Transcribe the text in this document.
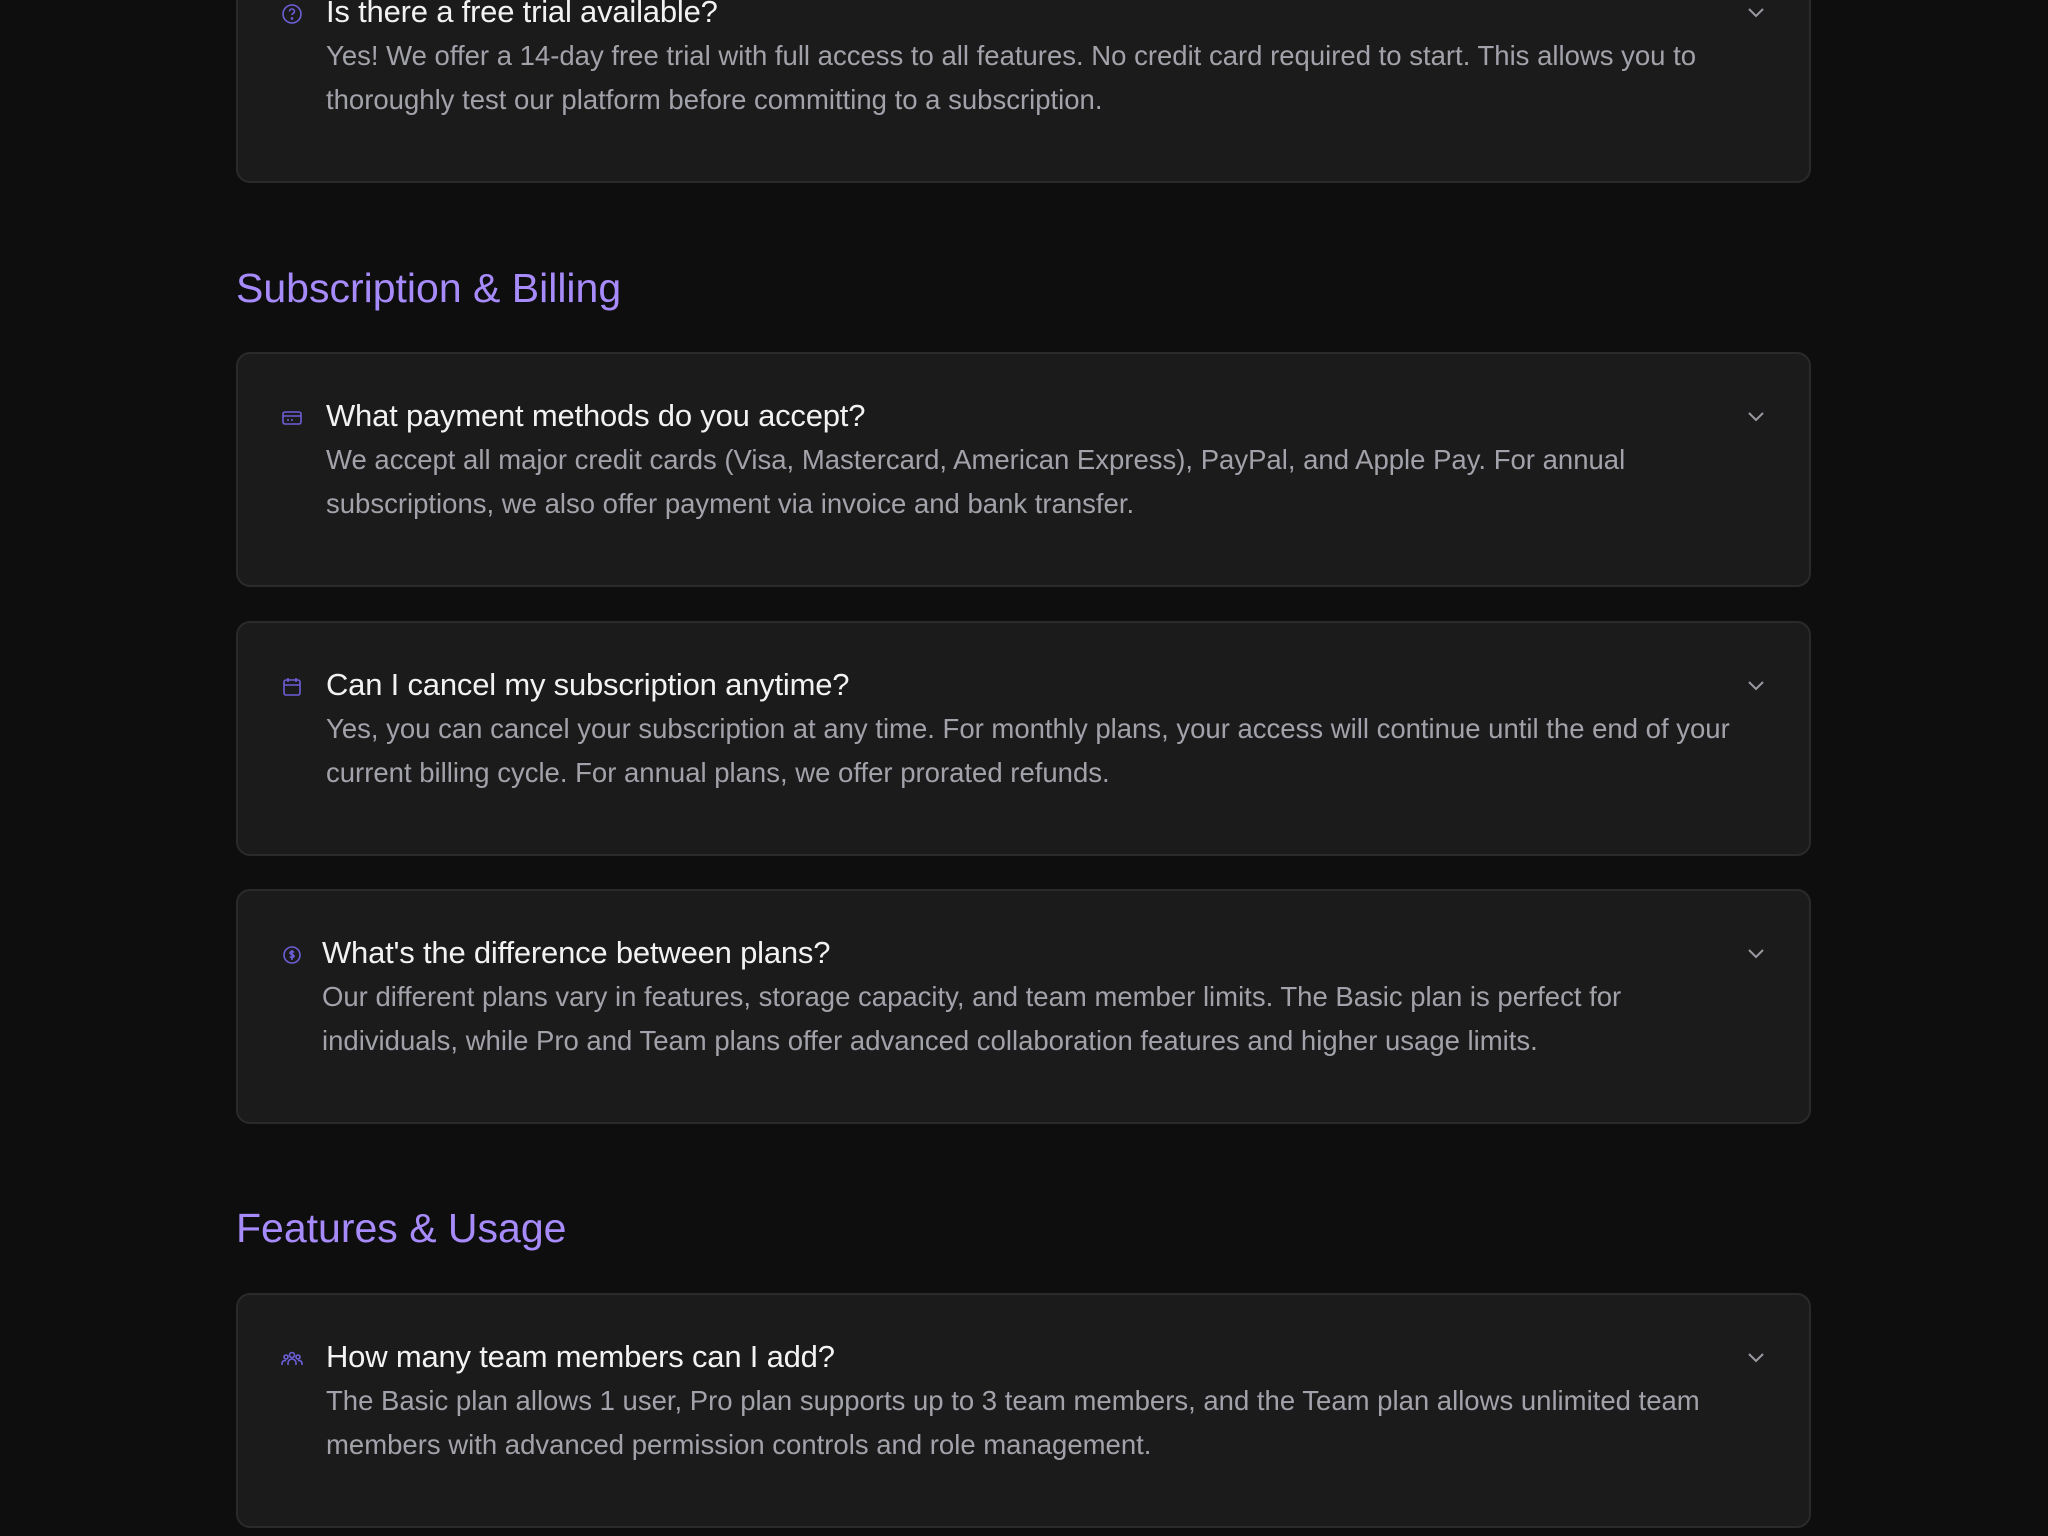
Is there a free trial available?
Yes! We offer a 14-day free trial with full access to all features. No credit card required to start. This allows you to thoroughly test our platform before committing to a subscription.
Subscription & Billing
What payment methods do you accept?
We accept all major credit cards (Visa, Mastercard, American Express), PayPal, and Apple Pay. For annual subscriptions, we also offer payment via invoice and bank transfer.
Can I cancel my subscription anytime?
Yes, you can cancel your subscription at any time. For monthly plans, your access will continue until the end of your current billing cycle. For annual plans, we offer prorated refunds.
What's the difference between plans?
Our different plans vary in features, storage capacity, and team member limits. The Basic plan is perfect for individuals, while Pro and Team plans offer advanced collaboration features and higher usage limits.
Features & Usage
How many team members can I add?
The Basic plan allows 1 user, Pro plan supports up to 3 team members, and the Team plan allows unlimited team members with advanced permission controls and role management.
